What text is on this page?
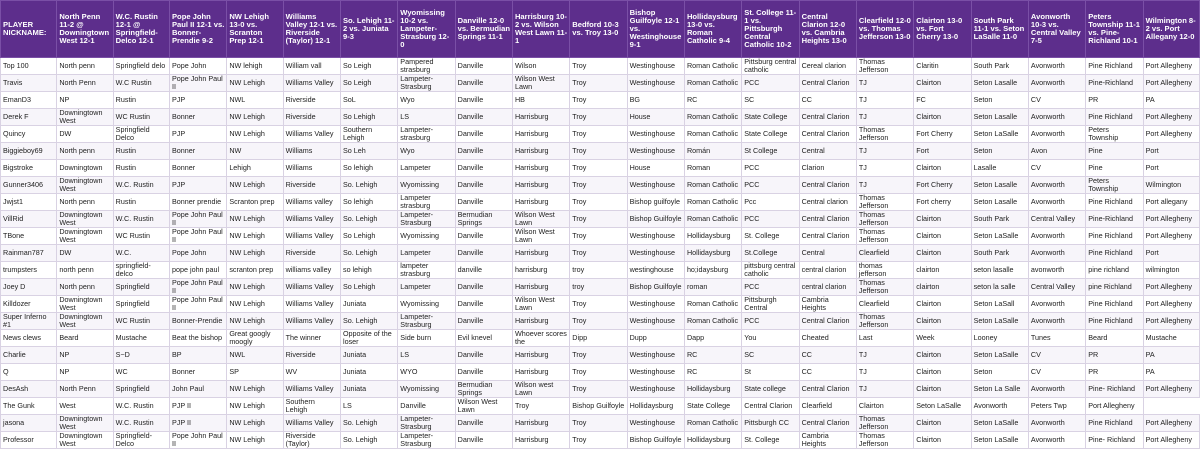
PLAYER NICKNAME:	North Penn 11-2 @ Downingtown West 12-1	W.C. Rustin 12-1 @ Springfield-Delco 12-1	Pope John Paul II 12-1 vs. Bonner-Prendie 9-2	NW Lehigh 13-0 vs. Scranton Prep 12-1	Williams Valley 12-1 vs. Riverside (Taylor) 12-1	So. Lehigh 11-2 vs. Juniata 9-3	Wyomissing 10-2 vs. Lampeter-Strasburg 12-0	Danville 12-0 vs. Bermudian Springs 11-1	Harrisburg 10-2 vs. Wilson West Lawn 11-1	Bedford 10-3 vs. Troy 13-0	Bishop Guilfoyle 12-1 vs. Westinghouse 9-1	Hollidaysburg 13-0 vs. Roman Catholic 9-4	St. College 11-1 vs. Pittsburgh Central Catholic 10-2	Central Clarion 12-0 vs. Cambria Heights 13-0	Clearfield 12-0 vs. Thomas Jefferson 13-0	Clairton 13-0 vs. Fort Cherry 13-0	South Park 11-1 vs. Seton LaSalle 11-0	Avonworth 10-3 vs. Central Valley 7-5	Peters Township 11-1 vs. Pine-Richland 10-1	Wilmington 8-2 vs. Port Allegany 12-0
Top 100	North penn	Springfield delo	Pope John	NW lehigh	William vall	So Leigh	Pampered strasburg	Danville	Wilson	Troy	Westinghouse	Roman Catholic	Pittsburg central catholic	Cereal clarion	Thomas Jefferson	Claritin	South Park	Avonworth	Pine Richland	Port Allegheny
Travis	North Penn	W.C Rustin	Pope John Paul II	NW Lehigh	Williams Valley	So Leigh	Lampeter-Strasburg	Danville	Wilson West Lawn	Troy	Westinghouse	Roman Catholic	PCC	Central Clarion	TJ	Clairton	Seton Lasalle	Avonworth	Pine-Richland	Port Allegheny
EmanD3	NP	Rustin	PJP	NWL	Riverside	SoL	Wyo	Danville	HB	Troy	BG	RC	SC	CC	TJ	FC	Seton	CV	PR	PA
Derek F	Downingtown West	WC Rustin	Bonner	NW Lehigh	Riverside	So Lehigh	LS	Danville	Harrisburg	Troy	House	Roman Catholic	State College	Central Clarion	TJ	Clairton	Seton Lasalle	Avonworth	Pine Richland	Port Allegheny
Quincy	DW	Springfield Delco	PJP	NW Lehigh	Williams Valley	Southern Lehigh	Lampeter-strasburg	Danville	Harrisburg	Troy	Westinghouse	Roman Catholic	State College	Central Clarion	Thomas Jefferson	Fort Cherry	Seton LaSalle	Avonworth	Peters Township	Port Allegheny
Biggieboy69	North penn	Rustin	Bonner	NW	Williams	So Leh	Wyo	Danville	Harrisburg	Troy	Westinghouse	Román	St College	Central	TJ	Fort	Seton	Avon	Pine	Port
Bigstroke	Downingtown	Rustin	Bonner	Lehigh	Williams	So lehigh	Lampeter	Danville	Harrisburg	Troy	House	Roman	PCC	Clarion	TJ	Clairton	Lasalle	CV	Pine	Port
Gunner3406	Downingtown West	W.C. Rustin	PJP	NW Lehigh	Riverside	So. Lehigh	Wyomissing	Danville	Harrisburg	Troy	Westinghouse	Roman Catholic	PCC	Central Clarion	TJ	Fort Cherry	Seton Lasalle	Avonworth	Peters Township	Wilmington
Jwjst1	North penn	Rustin	Bonner prendie	Scranton prep	Williams valley	So lehigh	Lampeter strasburg	Danville	Harrisburg	Troy	Bishop guilfoyle	Roman Catholic	Pcc	Central clarion	Thomas Jefferson	Fort cherry	Seton Lasalle	Avonworth	Pine Richland	Port allegany
VillRid	Downingtown West	W.C. Rustin	Pope John Paul II	NW Lehigh	Williams Valley	So. Lehigh	Lampeter-Strasburg	Bermudian Springs	Wilson West Lawn	Troy	Bishop Guilfoyle	Roman Catholic	PCC	Central Clarion	Thomas Jefferson	Clairton	South Park	Central Valley	Pine-Richland	Port Allegheny
TBone	Downingtown West	WC Rustin	Pope John Paul II	NW Lehigh	Williams Valley	So Lehigh	Wyomissing	Danville	Wilson West Lawn	Troy	Westinghouse	Hollidaysburg	St. College	Central Clarion	Thomas Jefferson	Clairton	Seton LaSalle	Avonworth	Pine Richland	Port Allegheny
Rainman787	DW	W.C.	Pope John	NW Lehigh	Riverside	So. Lehigh	Lampeter	Danville	Harrisburg	Troy	Westinghouse	Hollidaysburg	St.College	Central	Clearfield	Clairton	South Park	Avonworth	Pine Richland	Port
trumpsters	north penn	springfield-delco	pope john paul	scranton prep	williams valley	so lehigh	lampeter strasburg	danville	harrisburg	troy	westinghouse	ho;idaysburg	pittsburg central catholic	central clarion	thomas jefferson	clairton	seton lasalle	avonworth	pine richland	wilmington
Joey D	North penn	Springfield	Pope John Paul II	NW Lehigh	Williams Valley	So Lehigh	Lampeter	Danville	Harrisburg	troy	Bishop Guilfoyle	roman	PCC	central clarion	Thomas Jefferson	clairton	seton la salle	Central Valley	pine Richland	Port Allegheny
Killdozer	Downingtown West	Springfield	Pope John Paul II	NW Lehigh	Williams Valley	Juniata	Wyomissing	Danville	Wilson West Lawn	Troy	Westinghouse	Roman Catholic	Pittsburgh Central	Cambria Heights	Clearfield	Clairton	Seton LaSall	Avonworth	Pine Richland	Port Allegheny
Super Inferno #1	Downingtown West	WC Rustin	Bonner-Prendie	NW Lehigh	Williams Valley	So. Lehigh	Lampeter-Strasburg	Danville	Harrisburg	Troy	Westinghouse	Roman Catholic	PCC	Central Clarion	Thomas Jefferson	Clairton	Seton LaSalle	Avonworth	Pine Richland	Port Allegheny
News clews	Beard	Mustache	Beat the bishop	Great googly moogly	The winner	Opposite of the loser	Side burn	Evil knevel	Whoever scores the	Dipp	Dupp	Dapp	You	Cheated	Last	Week	Looney	Tunes	Beard	Mustache
Charlie	NP	S~D	BP	NWL	Riverside	Juniata	LS	Danville	Harrisburg	Troy	Westinghouse	RC	SC	CC	TJ	Clairton	Seton LaSalle	CV	PR	PA
Q	NP	WC	Bonner	SP	WV	Juniata	WYO	Danville	Harrisburg	Troy	Westinghouse	RC	St	CC	TJ	Clairton	Seton	CV	PR	PA
DesAsh	North Penn	Springfield	John Paul	NW Lehigh	Williams Valley	Juniata	Wyomissing	Bermudian Springs	Wilson west Lawn	Troy	Westinghouse	Hollidaysburg	State college	Central Clarion	TJ	Clairton	Seton La Salle	Avonworth	Pine- Richland	Port Allegheny
The Gunk	West	W.C. Rustin	PJP II	NW Lehigh	Southern Lehigh	LS	Danville	Wilson West Lawn	Troy	Bishop Guilfoyle	Hollidaysburg	State College	Central Clarion	Clearfield	Clairton	Seton LaSalle	Avonworth	Peters Twp	Port Allegheny	
jasona	Downingtown West	W.C. Rustin	PJP II	NW Lehigh	Williams Valley	So. Lehigh	Lampeter-Strasburg	Danville	Harrisburg	Troy	Westinghouse	Roman Catholic	Pittsburgh CC	Central Clarion	Thomas Jefferson	Clairton	Seton LaSalle	Avonworth	Pine Richland	Port Allegheny
Professor	Downingtown West	Springfield-Delco	Pope John Paul II	NW Lehigh	Riverside (Taylor)	So. Lehigh	Lampeter-Strasburg	Danville	Harrisburg	Troy	Bishop Guilfoyle	Hollidaysburg	St. College	Cambria Heights	Thomas Jefferson	Clairton	Seton LaSalle	Avonworth	Pine- Richland	Port Allegheny
